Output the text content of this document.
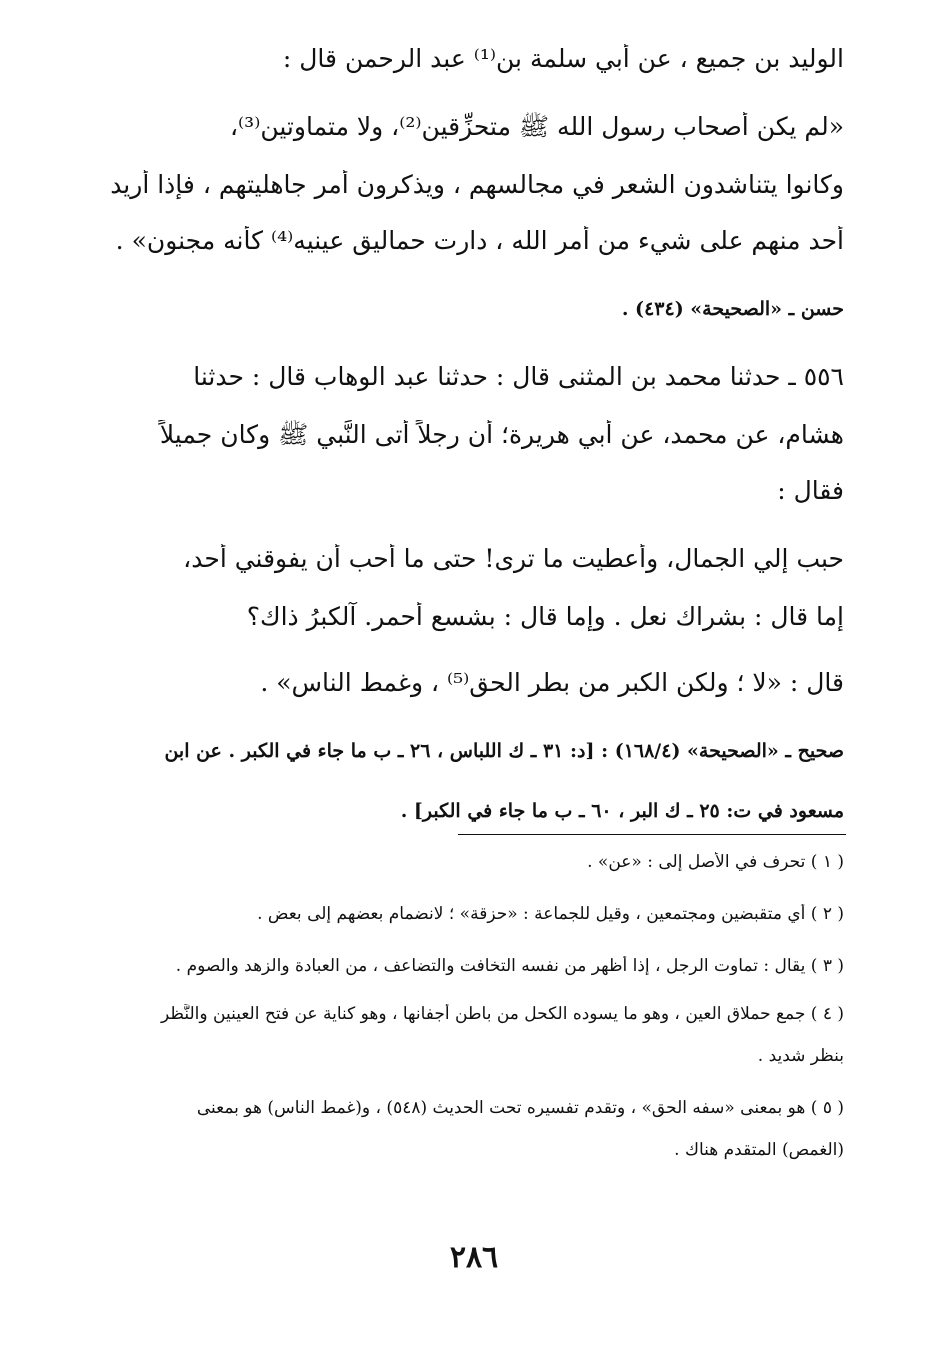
الوليد بن جميع ، عن أبي سلمة بن⁽¹⁾ عبد الرحمن قال :
«لم يكن أصحاب رسول الله ﷺ متحزِّقين⁽²⁾، ولا متماوتين⁽³⁾،
وكانوا يتناشدون الشعر في مجالسهم ، ويذكرون أمر جاهليتهم ، فإذا أريد
أحد منهم على شيء من أمر الله ، دارت حماليق عينيه⁽⁴⁾ كأنه مجنون» .
حسن ـ «الصحيحة» (٤٣٤) .
٥٥٦ ـ حدثنا محمد بن المثنى قال : حدثنا عبد الوهاب قال : حدثنا
هشام، عن محمد، عن أبي هريرة؛ أن رجلاً أتى النَّبي ﷺ وكان جميلاً
فقال :
حبب إلي الجمال، وأعطيت ما ترى! حتى ما أحب أن يفوقني أحد،
إما قال : بشراك نعل . وإما قال : بشسع أحمر. آلكبرُ ذاك؟
قال : «لا ؛ ولكن الكبر من بطر الحق⁽⁵⁾ ، وغمط الناس» .
صحيح ـ «الصحيحة» (١٦٨/٤) : [د: ٣١ ـ ك اللباس ، ٢٦ ـ ب ما جاء في الكبر . عن ابن
مسعود في ت: ٢٥ ـ ك البر ، ٦٠ ـ ب ما جاء في الكبر] .
( ١ ) تحرف في الأصل إلى : «عن» .
( ٢ ) أي متقبضين ومجتمعين ، وقيل للجماعة : «حزقة» ؛ لانضمام بعضهم إلى بعض .
( ٣ ) يقال : تماوت الرجل ، إذا أظهر من نفسه التخافت والتضاعف ، من العبادة والزهد والصوم .
( ٤ ) جمع حملاق العين ، وهو ما يسوده الكحل من باطن أجفانها ، وهو كناية عن فتح العينين والنَّظر
بنظر شديد .
( ٥ ) هو بمعنى «سفه الحق» ، وتقدم تفسيره تحت الحديث (٥٤٨) ، و(غمط الناس) هو بمعنى
(الغمص) المتقدم هناك .
٢٨٦
